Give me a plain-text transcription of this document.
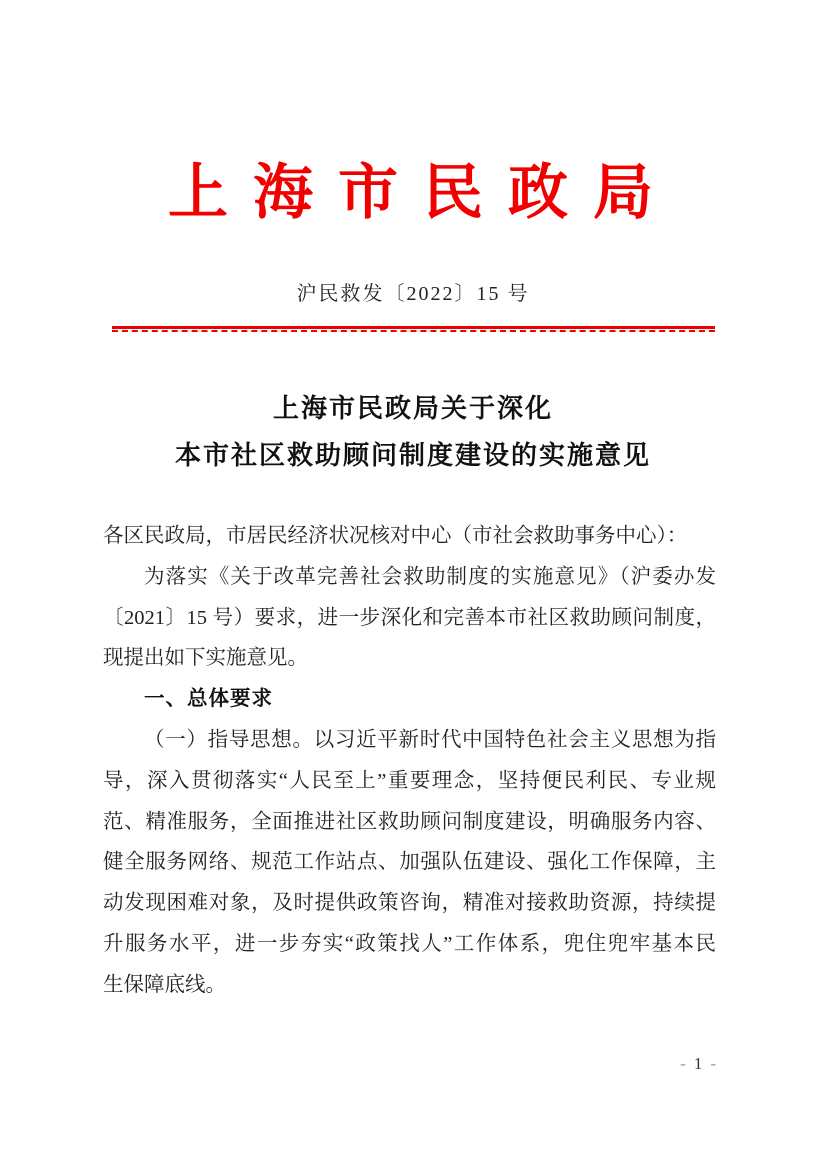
上 海 市 民 政 局
沪民救发〔2022〕15 号
上海市民政局关于深化
本市社区救助顾问制度建设的实施意见
各区民政局，市居民经济状况核对中心（市社会救助事务中心）：
为落实《关于改革完善社会救助制度的实施意见》（沪委办发
〔2021〕15 号）要求，进一步深化和完善本市社区救助顾问制度，
现提出如下实施意见。
一、总体要求
（一）指导思想。以习近平新时代中国特色社会主义思想为指
导，深入贯彻落实“人民至上”重要理念，坚持便民利民、专业规
范、精准服务，全面推进社区救助顾问制度建设，明确服务内容、
健全服务网络、规范工作站点、加强队伍建设、强化工作保障，主
动发现困难对象，及时提供政策咨询，精准对接救助资源，持续提
升服务水平，进一步夯实“政策找人”工作体系，兜住兜牢基本民
生保障底线。
- 1 -
